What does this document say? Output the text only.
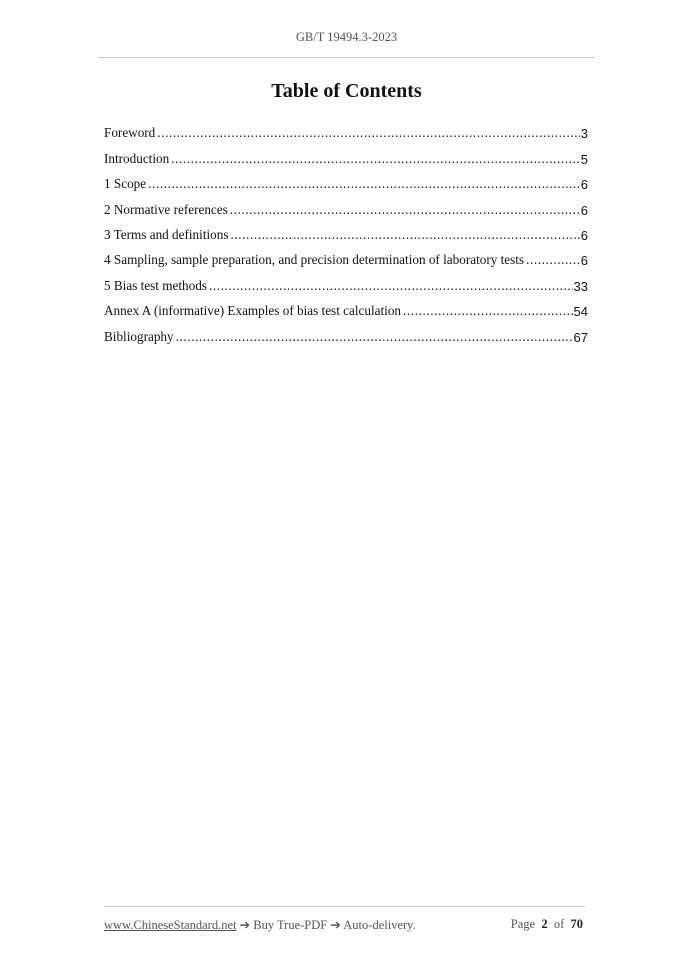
GB/T 19494.3-2023
Table of Contents
Foreword .....	3
Introduction .....	5
1 Scope .....	6
2 Normative references .....	6
3 Terms and definitions .....	6
4 Sampling, sample preparation, and precision determination of laboratory tests .....	6
5 Bias test methods .....	33
Annex A (informative) Examples of bias test calculation .....	54
Bibliography .....	67
www.ChineseStandard.net ➔ Buy True-PDF ➔ Auto-delivery.	Page 2 of 70
